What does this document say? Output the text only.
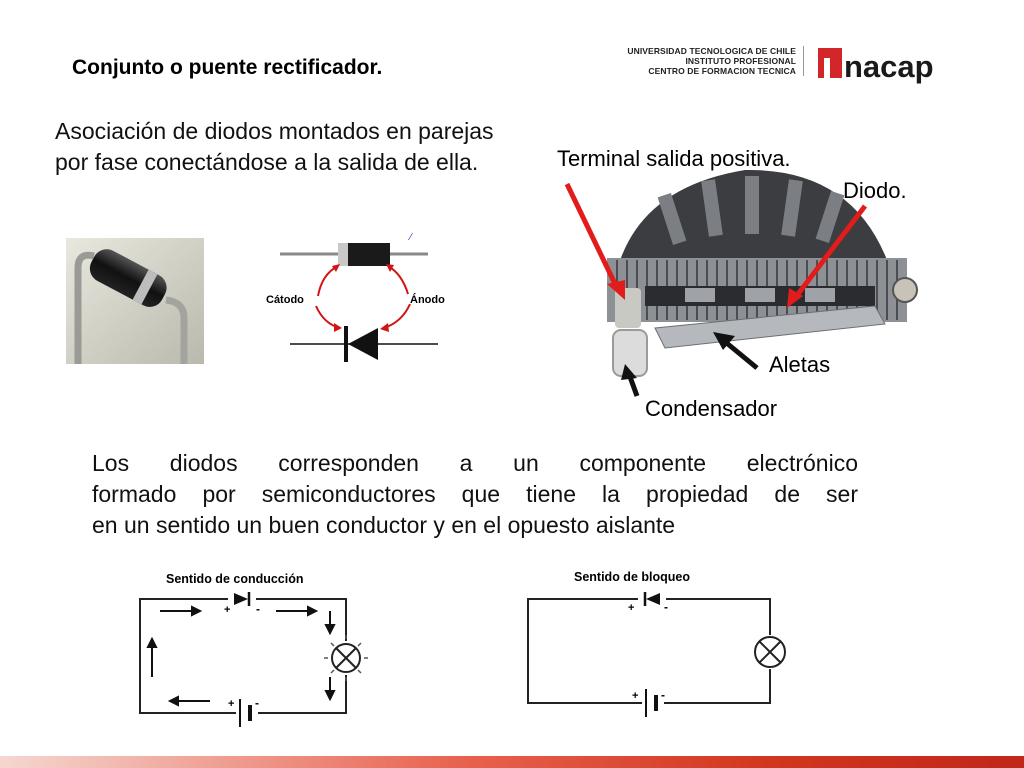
Conjunto o puente rectificador.
UNIVERSIDAD TECNOLOGICA DE CHILE
INSTITUTO PROFESIONAL
CENTRO DE FORMACION TECNICA nacap
Asociación de diodos montados en parejas por fase conectándose a la salida de ella.
⁄
Cátodo	Ánodo
Terminal salida positiva.
Diodo.
Aletas
Condensador
Los diodos corresponden a un componente electrónico
formado por semiconductores que tiene la propiedad de ser
en un sentido un buen conductor y en el opuesto aislante
Sentido de conducción
+ -
+ -
Sentido de bloqueo
+ -
+ -
